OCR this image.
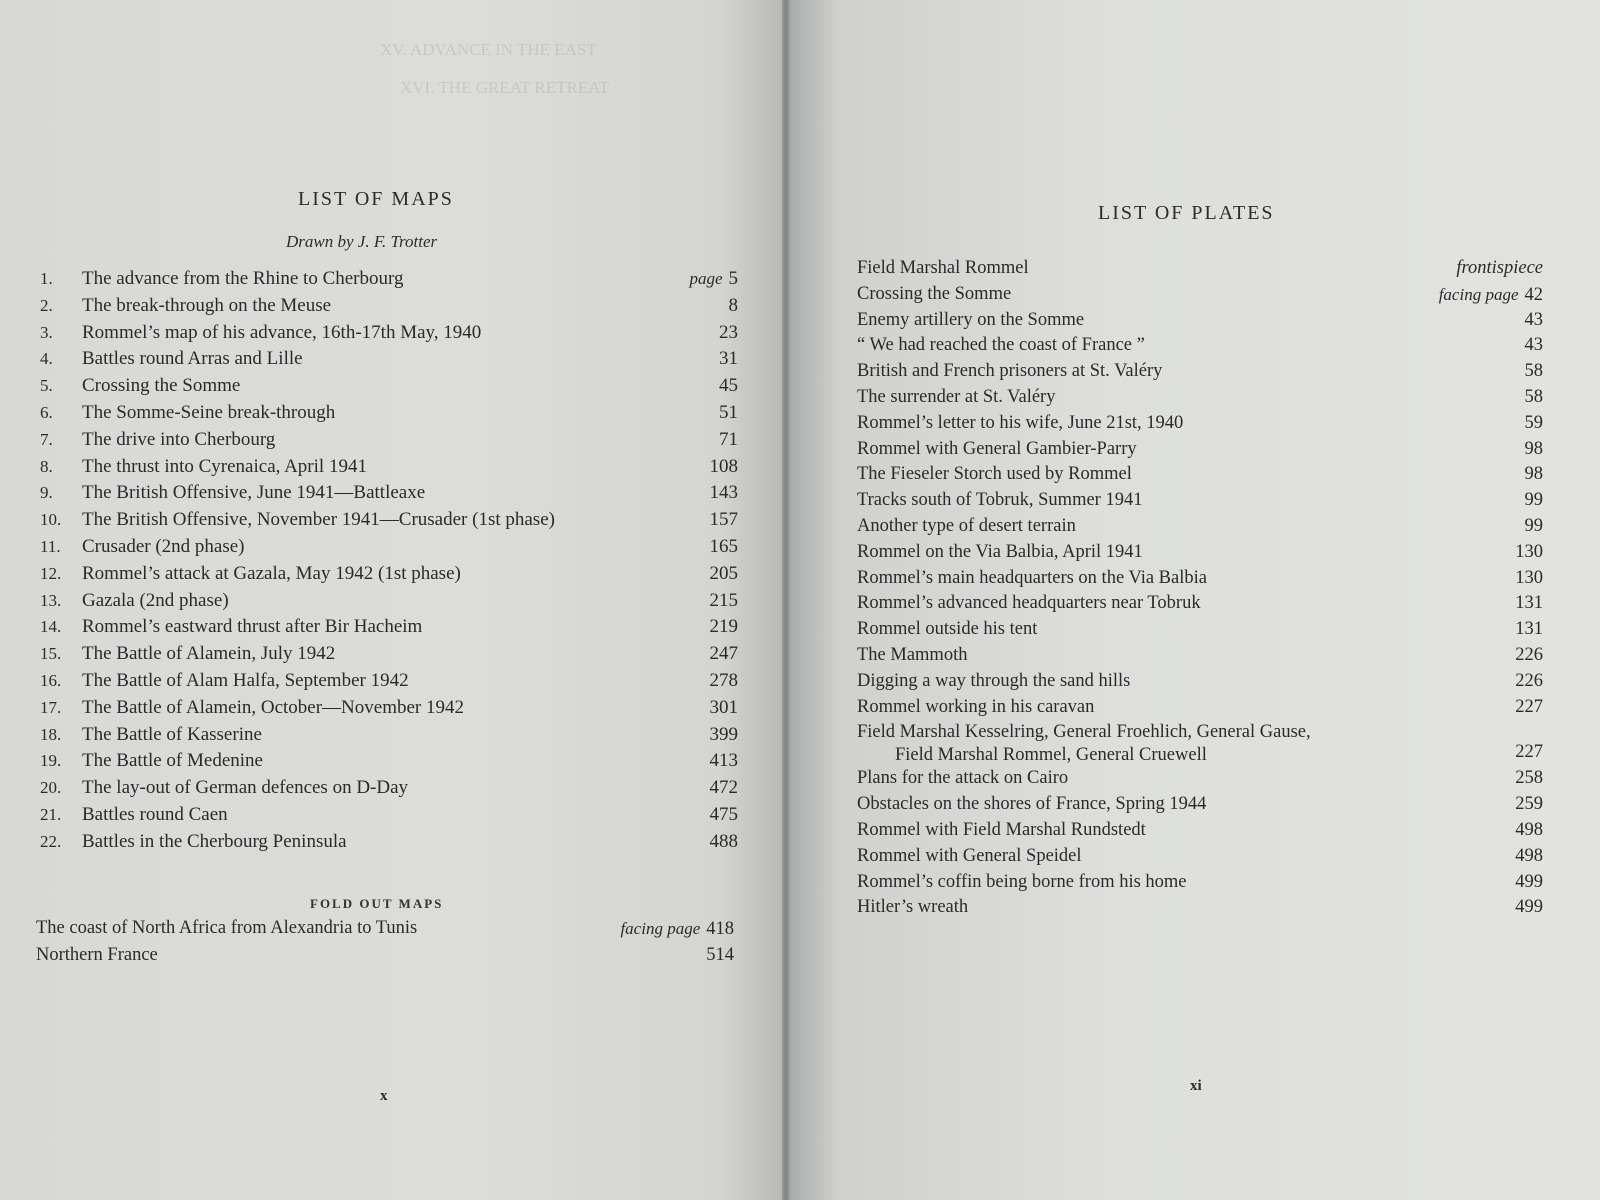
XV. ADVANCE IN THE EAST
XVI. THE GREAT RETREAT
LIST OF MAPS
Drawn by J. F. Trotter
1.	The advance from the Rhine to Cherbourg	page 5
2.	The break-through on the Meuse	8
3.	Rommel’s map of his advance, 16th-17th May, 1940	23
4.	Battles round Arras and Lille	31
5.	Crossing the Somme	45
6.	The Somme-Seine break-through	51
7.	The drive into Cherbourg	71
8.	The thrust into Cyrenaica, April 1941	108
9.	The British Offensive, June 1941—Battleaxe	143
10.	The British Offensive, November 1941—Crusader (1st phase)	157
11.	Crusader (2nd phase)	165
12.	Rommel’s attack at Gazala, May 1942 (1st phase)	205
13.	Gazala (2nd phase)	215
14.	Rommel’s eastward thrust after Bir Hacheim	219
15.	The Battle of Alamein, July 1942	247
16.	The Battle of Alam Halfa, September 1942	278
17.	The Battle of Alamein, October—November 1942	301
18.	The Battle of Kasserine	399
19.	The Battle of Medenine	413
20.	The lay-out of German defences on D-Day	472
21.	Battles round Caen	475
22.	Battles in the Cherbourg Peninsula	488
FOLD OUT MAPS
The coast of North Africa from Alexandria to Tunis	facing page 418
Northern France	514
x
LIST OF PLATES
Field Marshal Rommel	frontispiece
Crossing the Somme	facing page 42
Enemy artillery on the Somme	43
“ We had reached the coast of France ”	43
British and French prisoners at St. Valéry	58
The surrender at St. Valéry	58
Rommel’s letter to his wife, June 21st, 1940	59
Rommel with General Gambier-Parry	98
The Fieseler Storch used by Rommel	98
Tracks south of Tobruk, Summer 1941	99
Another type of desert terrain	99
Rommel on the Via Balbia, April 1941	130
Rommel’s main headquarters on the Via Balbia	130
Rommel’s advanced headquarters near Tobruk	131
Rommel outside his tent	131
The Mammoth	226
Digging a way through the sand hills	226
Rommel working in his caravan	227
Field Marshal Kesselring, General Froehlich, General Gause,
Field Marshal Rommel, General Cruewell	227
Plans for the attack on Cairo	258
Obstacles on the shores of France, Spring 1944	259
Rommel with Field Marshal Rundstedt	498
Rommel with General Speidel	498
Rommel’s coffin being borne from his home	499
Hitler’s wreath	499
xi
